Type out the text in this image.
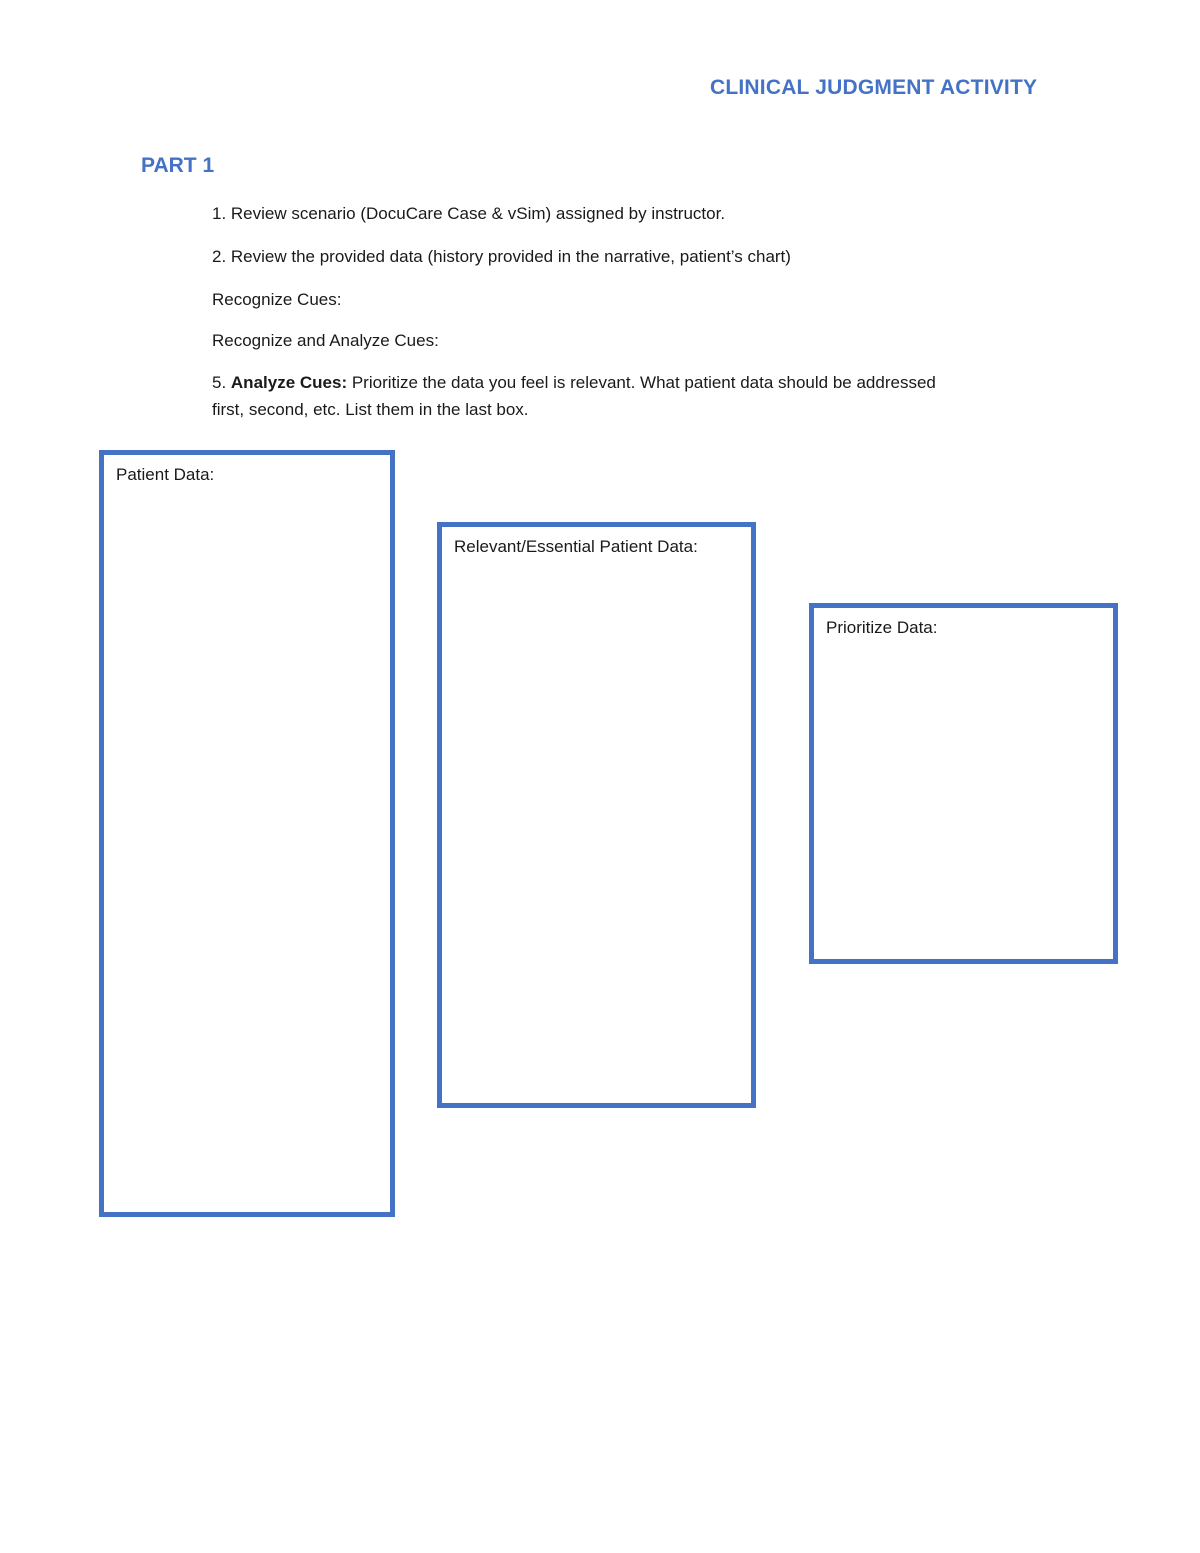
CLINICAL JUDGMENT ACTIVITY
PART 1
1. Review scenario (DocuCare Case & vSim) assigned by instructor.
2. Review the provided data (history provided in the narrative, patient’s chart)
Recognize Cues:
Recognize and Analyze Cues:
5. Analyze Cues: Prioritize the data you feel is relevant. What patient data should be addressed
first, second, etc. List them in the last box.
Patient Data:
Relevant/Essential Patient Data:
Prioritize Data:
